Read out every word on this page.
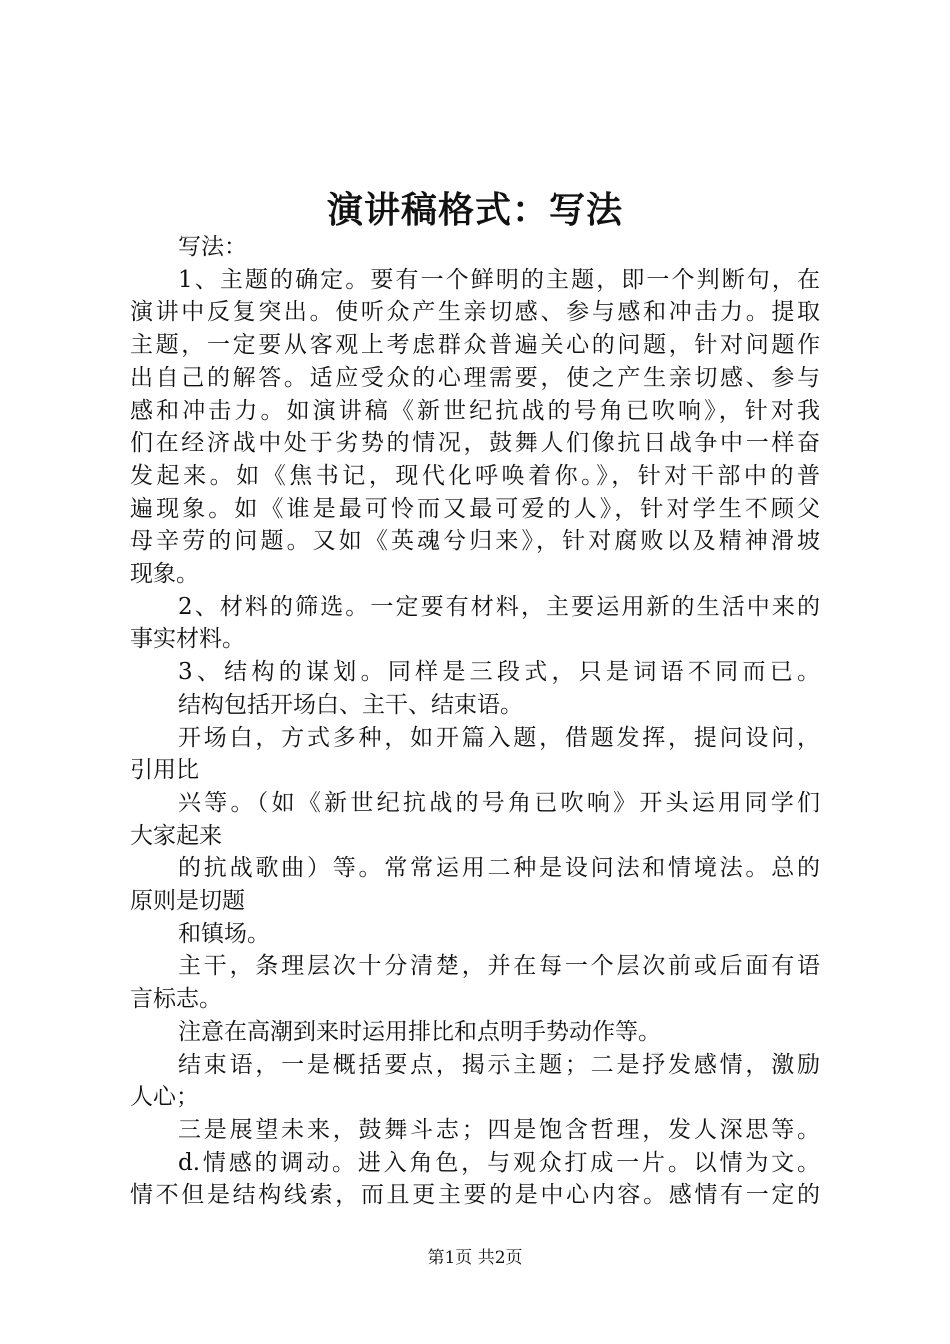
演讲稿格式：写法
写法：
1、主题的确定。要有一个鲜明的主题，即一个判断句，在
演讲中反复突出。使听众产生亲切感、参与感和冲击力。提取
主题，一定要从客观上考虑群众普遍关心的问题，针对问题作
出自己的解答。适应受众的心理需要，使之产生亲切感、参与
感和冲击力。如演讲稿《新世纪抗战的号角已吹响》，针对我
们在经济战中处于劣势的情况，鼓舞人们像抗日战争中一样奋
发起来。如《焦书记，现代化呼唤着你。》，针对干部中的普
遍现象。如《谁是最可怜而又最可爱的人》，针对学生不顾父
母辛劳的问题。又如《英魂兮归来》，针对腐败以及精神滑坡
现象。
2、材料的筛选。一定要有材料，主要运用新的生活中来的
事实材料。
3、结构的谋划。同样是三段式，只是词语不同而已。
结构包括开场白、主干、结束语。
开场白，方式多种，如开篇入题，借题发挥，提问设问，
引用比
兴等。（如《新世纪抗战的号角已吹响》开头运用同学们
大家起来
的抗战歌曲）等。常常运用二种是设问法和情境法。总的
原则是切题
和镇场。
主干，条理层次十分清楚，并在每一个层次前或后面有语
言标志。
注意在高潮到来时运用排比和点明手势动作等。
结束语，一是概括要点，揭示主题；二是抒发感情，激励
人心；
三是展望未来，鼓舞斗志；四是饱含哲理，发人深思等。
d.情感的调动。进入角色，与观众打成一片。以情为文。
情不但是结构线索，而且更主要的是中心内容。感情有一定的
第1页 共2页
